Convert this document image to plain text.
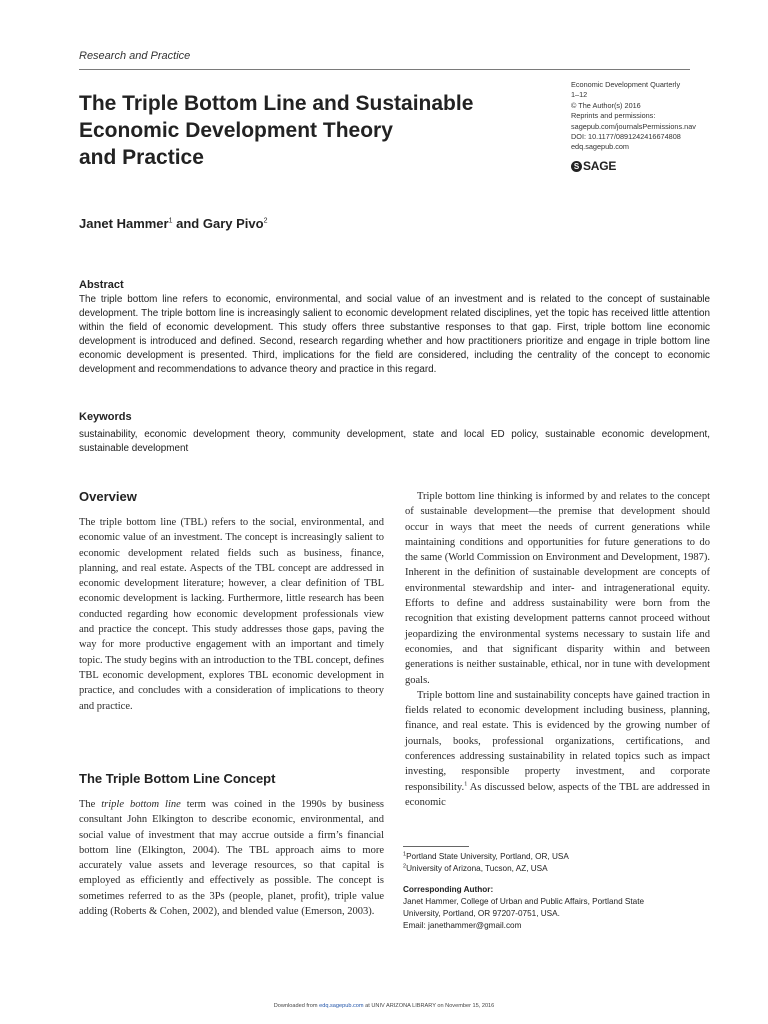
Research and Practice
The Triple Bottom Line and Sustainable
Economic Development Theory
and Practice
Economic Development Quarterly
1–12
© The Author(s) 2016
Reprints and permissions:
sagepub.com/journalsPermissions.nav
DOI: 10.1177/0891242416674808
edq.sagepub.com
S SAGE
Janet Hammer$^1$ and Gary Pivo$^2$
Abstract
The triple bottom line refers to economic, environmental, and social value of an investment and is related to the concept of sustainable development. The triple bottom line is increasingly salient to economic development related disciplines, yet the topic has received little attention within the field of economic development. This study offers three substantive responses to that gap. First, triple bottom line economic development is introduced and defined. Second, research regarding whether and how practitioners prioritize and engage in triple bottom line economic development is presented. Third, implications for the field are considered, including the centrality of the concept to economic development and recommendations to advance theory and practice in this regard.
Keywords
sustainability, economic development theory, community development, state and local ED policy, sustainable economic development, sustainable development
Overview

The triple bottom line (TBL) refers to the social, environmental, and economic value of an investment. The concept is increasingly salient to economic development related fields such as business, finance, planning, and real estate. Aspects of the TBL concept are addressed in economic development literature; however, a clear definition of TBL economic development is lacking. Furthermore, little research has been conducted regarding how economic development professionals view and practice the concept. This study addresses those gaps, paving the way for more productive engagement with an important and timely topic. The study begins with an introduction to the TBL concept, defines TBL economic development, explores TBL economic development in practice, and concludes with a consideration of implications to theory and practice.

The Triple Bottom Line Concept

The triple bottom line term was coined in the 1990s by business consultant John Elkington to describe economic, environmental, and social value of investment that may accrue outside a firm’s financial bottom line (Elkington, 2004). The TBL approach aims to more accurately value assets and leverage resources, so that capital is employed as efficiently and effectively as possible. The concept is sometimes referred to as the 3Ps (people, planet, profit), triple value adding (Roberts & Cohen, 2002), and blended value (Emerson, 2003).

Triple bottom line thinking is informed by and relates to the concept of sustainable development—the premise that development should occur in ways that meet the needs of current generations while maintaining conditions and opportunities for future generations to do the same (World Commission on Environment and Development, 1987). Inherent in the definition of sustainable development are concepts of environmental stewardship and inter- and intragenerational equity. Efforts to define and address sustainability were born from the recognition that existing development patterns cannot proceed without jeopardizing the environmental systems necessary to sustain life and economies, and that significant disparity within and between generations is neither sustainable, ethical, nor in tune with development goals.

Triple bottom line and sustainability concepts have gained traction in fields related to economic development including business, planning, finance, and real estate. This is evidenced by the growing number of journals, books, professional organizations, certifications, and conferences addressing sustainability in related topics such as impact investing, responsible property investment, and corporate responsibility.$^1$ As discussed below, aspects of the TBL are addressed in economic

$^1$Portland State University, Portland, OR, USA
$^2$University of Arizona, Tucson, AZ, USA
Corresponding Author:
Janet Hammer, College of Urban and Public Affairs, Portland State
University, Portland, OR 97207-0751, USA.
Email: janethammer@gmail.com
Downloaded from edq.sagepub.com at UNIV ARIZONA LIBRARY on November 15, 2016
